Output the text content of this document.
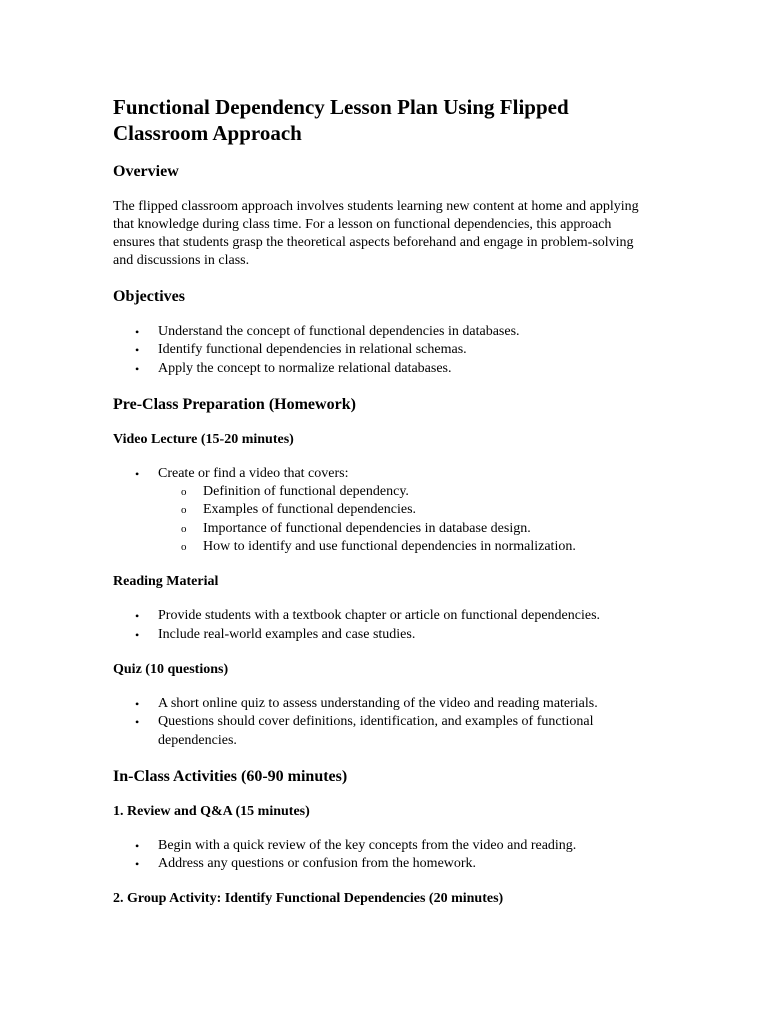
Functional Dependency Lesson Plan Using Flipped Classroom Approach
Overview

The flipped classroom approach involves students learning new content at home and applying that knowledge during class time. For a lesson on functional dependencies, this approach ensures that students grasp the theoretical aspects beforehand and engage in problem-solving and discussions in class.

Objectives
• Understand the concept of functional dependencies in databases.
• Identify functional dependencies in relational schemas.
• Apply the concept to normalize relational databases.
Pre-Class Preparation (Homework)
Video Lecture (15-20 minutes)
• Create or find a video that covers:
o Definition of functional dependency.
o Examples of functional dependencies.
o Importance of functional dependencies in database design.
o How to identify and use functional dependencies in normalization.
Reading Material
• Provide students with a textbook chapter or article on functional dependencies.
• Include real-world examples and case studies.
Quiz (10 questions)
• A short online quiz to assess understanding of the video and reading materials.
• Questions should cover definitions, identification, and examples of functional dependencies.
In-Class Activities (60-90 minutes)
1. Review and Q&A (15 minutes)
• Begin with a quick review of the key concepts from the video and reading.
• Address any questions or confusion from the homework.
2. Group Activity: Identify Functional Dependencies (20 minutes)
